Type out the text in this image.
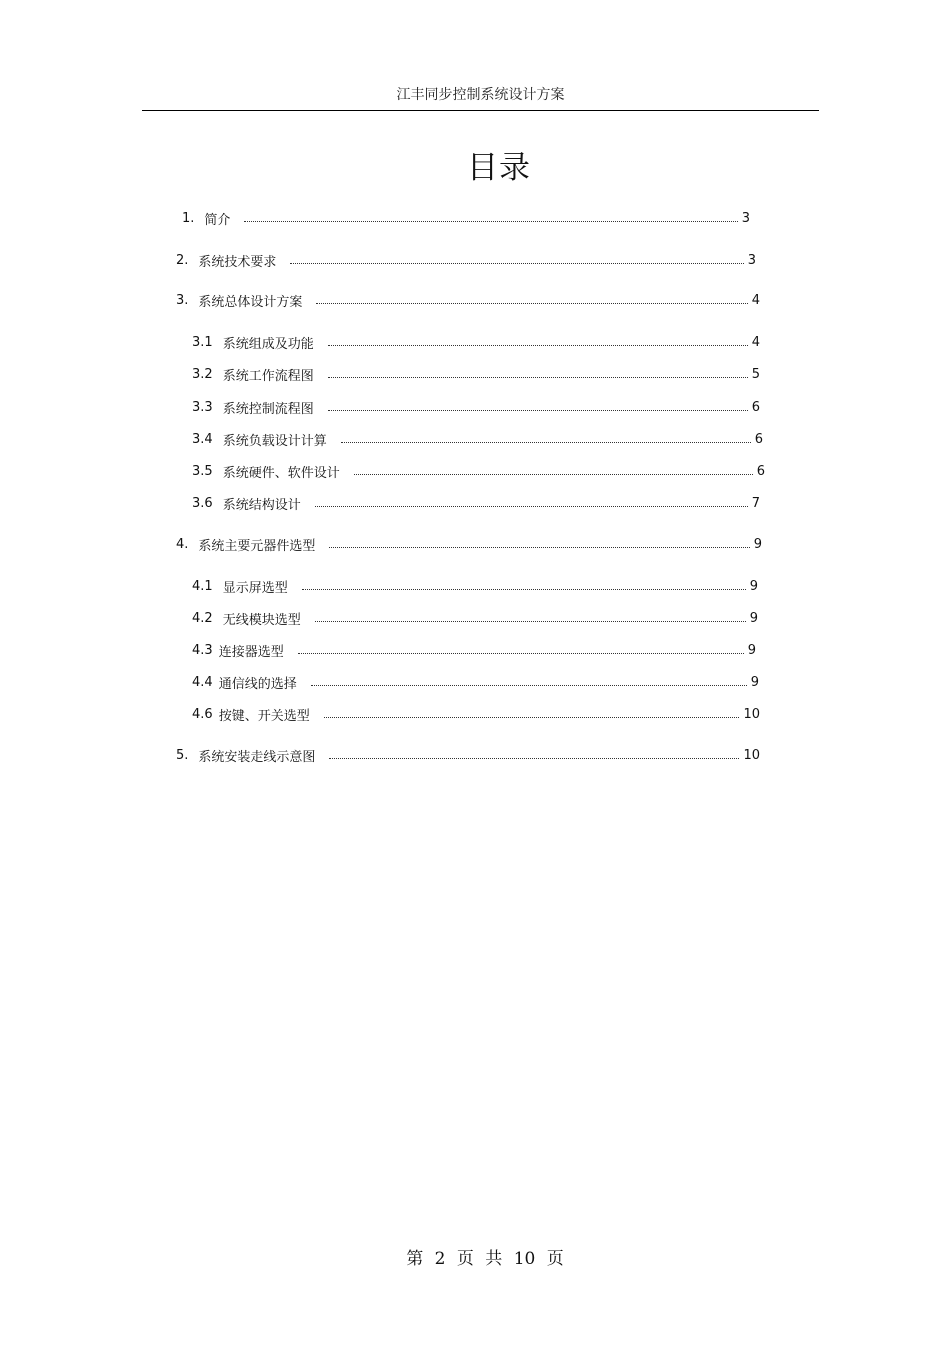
江丰同步控制系统设计方案
目录
1. 简介	3
2. 系统技术要求	3
3. 系统总体设计方案	4
3.1 系统组成及功能	4
3.2 系统工作流程图	5
3.3 系统控制流程图	6
3.4 系统负载设计计算	6
3.5 系统硬件、软件设计	6
3.6 系统结构设计	7
4. 系统主要元器件选型	9
4.1 显示屏选型	9
4.2 无线模块选型	9
4.3 连接器选型	9
4.4 通信线的选择	9
4.6 按键、开关选型	10
5. 系统安装走线示意图	10
第 2 页 共 10 页
